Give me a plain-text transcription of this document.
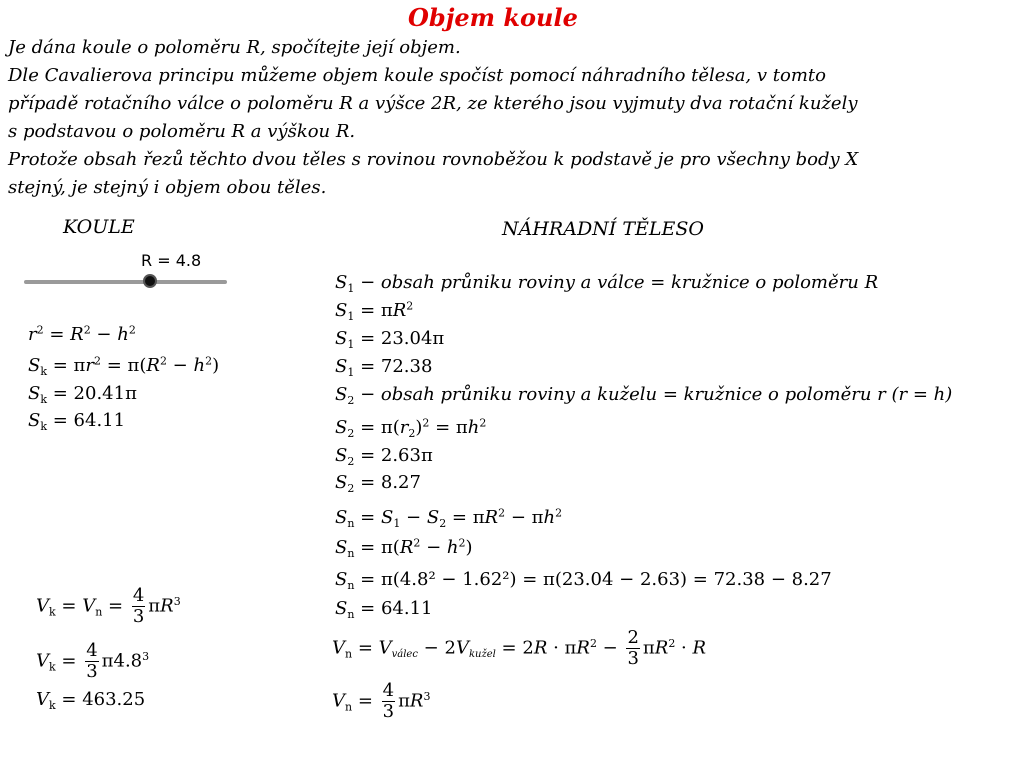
Objem koule
Je dána koule o poloměru R, spočítejte její objem.
Dle Cavalierova principu můžeme objem koule spočíst pomocí náhradního tělesa, v tomto
případě rotačního válce o poloměru R a výšce 2R, ze kterého jsou vyjmuty dva rotační kužely
s podstavou o poloměru R a výškou R.
Protože obsah řezů těchto dvou těles s rovinou rovnoběžou k podstavě je pro všechny body X
stejný, je stejný i objem obou těles.
KOULE
R = 4.8
$r^2 = R^2 - h^2$
$S_k = \pi r^2 = \pi(R^2 - h^2)$
$S_k = 20.41\pi$
$S_k = 64.11$
$V_k = V_n = \frac{4}{3} \pi R^3$
$V_k = \frac{4}{3} \pi 4.8^3$
$V_k = 463.25$
NÁHRADNÍ TĚLESO
$S_1$ − obsah průniku roviny a válce = kružnice o poloměru R
$S_1 = \pi R^2$
$S_1 = 23.04\pi$
$S_1 = 72.38$
$S_2$ − obsah průniku roviny a kuželu = kružnice o poloměru r (r = h)
$S_2 = \pi(r_2)^2 = \pi h^2$
$S_2 = 2.63\pi$
$S_2 = 8.27$
$S_n = S_1 - S_2 = \pi R^2 - \pi h^2$
$S_n = \pi(R^2 - h^2)$
$S_n = \pi(4.8^2 - 1.62^2) = \pi(23.04 - 2.63) = 72.38 - 8.27$
$S_n = 64.11$
$V_n = V_{válec} - 2V_{kužel} = 2R \cdot \pi R^2 - \frac{2}{3} \pi R^2 \cdot R$
$V_n = \frac{4}{3} \pi R^3$
